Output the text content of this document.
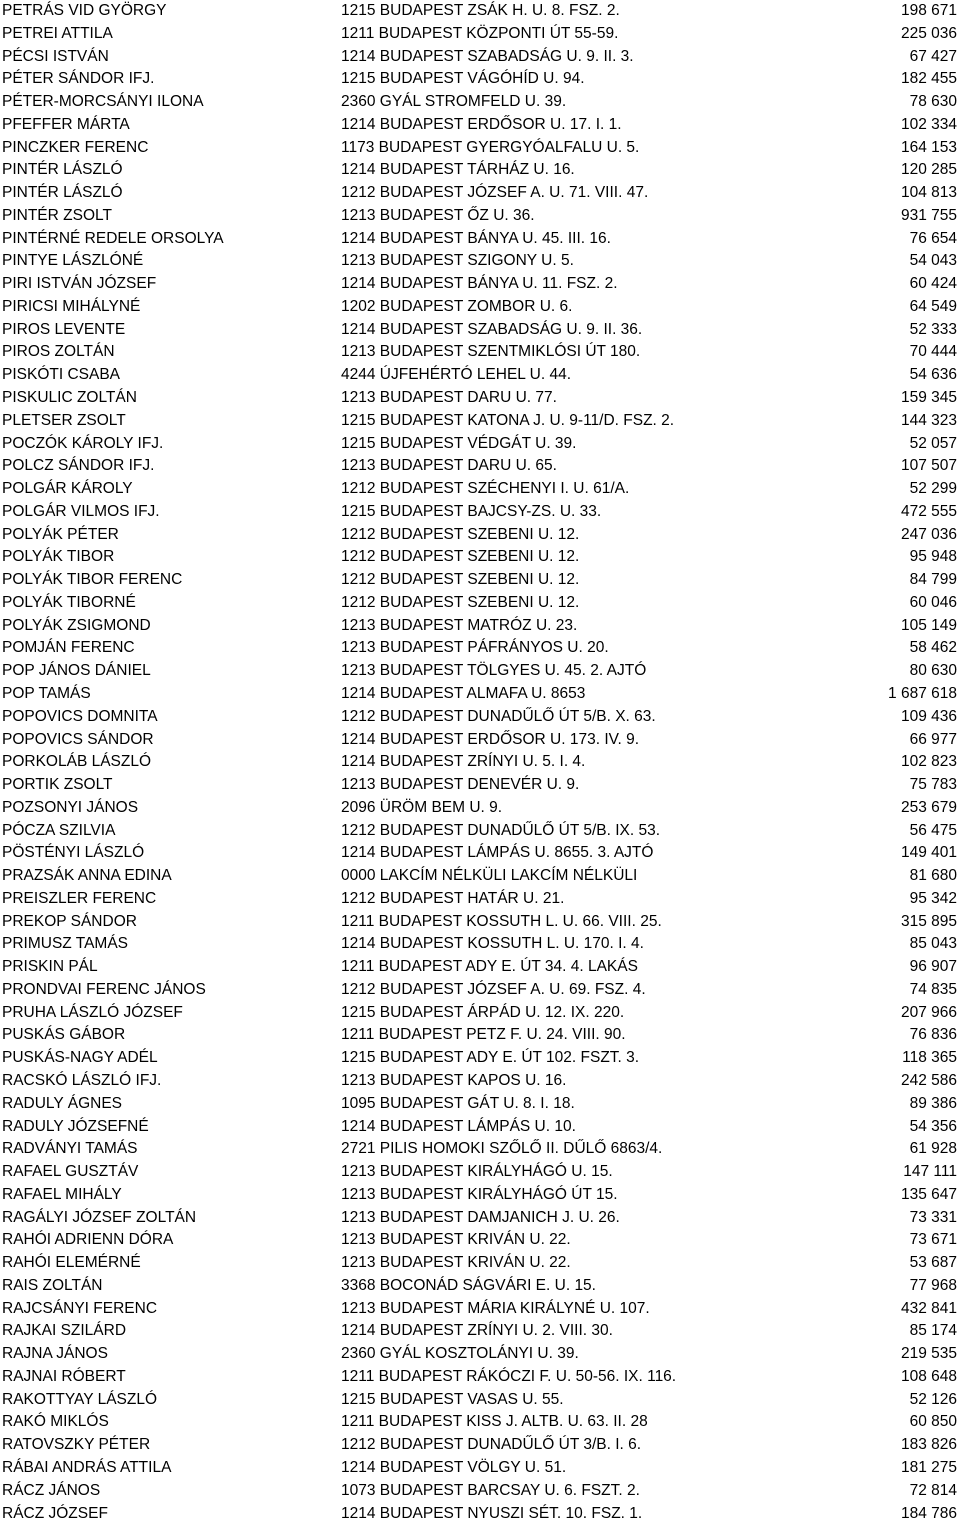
PETRÁS VID GYÖRGY	1215 BUDAPEST ZSÁK H. U. 8. FSZ. 2.	198 671
PETREI ATTILA	1211 BUDAPEST KÖZPONTI ÚT 55-59.	225 036
PÉCSI ISTVÁN	1214 BUDAPEST SZABADSÁG U. 9. II. 3.	67 427
PÉTER SÁNDOR IFJ.	1215 BUDAPEST VÁGÓHÍD U. 94.	182 455
PÉTER-MORCSÁNYI ILONA	2360 GYÁL STROMFELD U. 39.	78 630
PFEFFER MÁRTA	1214 BUDAPEST ERDŐSOR U. 17. I. 1.	102 334
PINCZKER FERENC	1173 BUDAPEST GYERGYÓALFALU U. 5.	164 153
PINTÉR LÁSZLÓ	1214 BUDAPEST TÁRHÁZ U. 16.	120 285
PINTÉR LÁSZLÓ	1212 BUDAPEST JÓZSEF A. U. 71. VIII. 47.	104 813
PINTÉR ZSOLT	1213 BUDAPEST ŐZ U. 36.	931 755
PINTÉRNÉ REDELE ORSOLYA	1214 BUDAPEST BÁNYA U. 45. III. 16.	76 654
PINTYE LÁSZLÓNÉ	1213 BUDAPEST SZIGONY U. 5.	54 043
PIRI ISTVÁN JÓZSEF	1214 BUDAPEST BÁNYA U. 11. FSZ. 2.	60 424
PIRICSI MIHÁLYNÉ	1202 BUDAPEST ZOMBOR U. 6.	64 549
PIROS LEVENTE	1214 BUDAPEST SZABADSÁG U. 9. II. 36.	52 333
PIROS ZOLTÁN	1213 BUDAPEST SZENTMIKLÓSI ÚT 180.	70 444
PISKÓTI CSABA	4244 ÚJFEHÉRTÓ LEHEL U. 44.	54 636
PISKULIC ZOLTÁN	1213 BUDAPEST DARU U. 77.	159 345
PLETSER ZSOLT	1215 BUDAPEST KATONA J. U. 9-11/D. FSZ. 2.	144 323
POCZÓK KÁROLY IFJ.	1215 BUDAPEST VÉDGÁT U. 39.	52 057
POLCZ SÁNDOR IFJ.	1213 BUDAPEST DARU U. 65.	107 507
POLGÁR KÁROLY	1212 BUDAPEST SZÉCHENYI I. U. 61/A.	52 299
POLGÁR VILMOS IFJ.	1215 BUDAPEST BAJCSY-ZS. U. 33.	472 555
POLYÁK PÉTER	1212 BUDAPEST SZEBENI U. 12.	247 036
POLYÁK TIBOR	1212 BUDAPEST SZEBENI U. 12.	95 948
POLYÁK TIBOR FERENC	1212 BUDAPEST SZEBENI U. 12.	84 799
POLYÁK TIBORNÉ	1212 BUDAPEST SZEBENI U. 12.	60 046
POLYÁK ZSIGMOND	1213 BUDAPEST MATRÓZ U. 23.	105 149
POMJÁN FERENC	1213 BUDAPEST PÁFRÁNYOS U. 20.	58 462
POP JÁNOS DÁNIEL	1213 BUDAPEST TÖLGYES U. 45. 2. AJTÓ	80 630
POP TAMÁS	1214 BUDAPEST ALMAFA U. 8653	1 687 618
POPOVICS DOMNITA	1212 BUDAPEST DUNADŰLŐ ÚT 5/B. X. 63.	109 436
POPOVICS SÁNDOR	1214 BUDAPEST ERDŐSOR U. 173. IV. 9.	66 977
PORKOLÁB LÁSZLÓ	1214 BUDAPEST ZRÍNYI U. 5. I. 4.	102 823
PORTIK ZSOLT	1213 BUDAPEST DENEVÉR U. 9.	75 783
POZSONYI JÁNOS	2096 ÜRÖM BEM U. 9.	253 679
PÓCZA SZILVIA	1212 BUDAPEST DUNADŰLŐ ÚT 5/B. IX. 53.	56 475
PÖSTÉNYI LÁSZLÓ	1214 BUDAPEST LÁMPÁS U. 8655. 3. AJTÓ	149 401
PRAZSÁK ANNA EDINA	0000 LAKCÍM NÉLKÜLI LAKCÍM NÉLKÜLI	81 680
PREISZLER FERENC	1212 BUDAPEST HATÁR U. 21.	95 342
PREKOP SÁNDOR	1211 BUDAPEST KOSSUTH L. U. 66. VIII. 25.	315 895
PRIMUSZ TAMÁS	1214 BUDAPEST KOSSUTH L. U. 170. I. 4.	85 043
PRISKIN PÁL	1211 BUDAPEST ADY E. ÚT 34. 4. LAKÁS	96 907
PRONDVAI FERENC JÁNOS	1212 BUDAPEST JÓZSEF A. U. 69. FSZ. 4.	74 835
PRUHA LÁSZLÓ JÓZSEF	1215 BUDAPEST ÁRPÁD U. 12. IX. 220.	207 966
PUSKÁS GÁBOR	1211 BUDAPEST PETZ F. U. 24. VIII. 90.	76 836
PUSKÁS-NAGY ADÉL	1215 BUDAPEST ADY E. ÚT 102. FSZT. 3.	118 365
RACSKÓ LÁSZLÓ IFJ.	1213 BUDAPEST KAPOS U. 16.	242 586
RADULY ÁGNES	1095 BUDAPEST GÁT U. 8. I. 18.	89 386
RADULY JÓZSEFNÉ	1214 BUDAPEST LÁMPÁS U. 10.	54 356
RADVÁNYI TAMÁS	2721 PILIS HOMOKI SZŐLŐ II. DŰLŐ 6863/4.	61 928
RAFAEL GUSZTÁV	1213 BUDAPEST KIRÁLYHÁGÓ U. 15.	147 111
RAFAEL MIHÁLY	1213 BUDAPEST KIRÁLYHÁGÓ ÚT 15.	135 647
RAGÁLYI JÓZSEF ZOLTÁN	1213 BUDAPEST DAMJANICH J. U. 26.	73 331
RAHÓI ADRIENN DÓRA	1213 BUDAPEST KRIVÁN U. 22.	73 671
RAHÓI ELEMÉRNÉ	1213 BUDAPEST KRIVÁN U. 22.	53 687
RAIS ZOLTÁN	3368 BOCONÁD SÁGVÁRI E. U. 15.	77 968
RAJCSÁNYI FERENC	1213 BUDAPEST MÁRIA KIRÁLYNÉ U. 107.	432 841
RAJKAI SZILÁRD	1214 BUDAPEST ZRÍNYI U. 2. VIII. 30.	85 174
RAJNA JÁNOS	2360 GYÁL KOSZTOLÁNYI U. 39.	219 535
RAJNAI RÓBERT	1211 BUDAPEST RÁKÓCZI F. U. 50-56. IX. 116.	108 648
RAKOTTYAY LÁSZLÓ	1215 BUDAPEST VASAS U. 55.	52 126
RAKÓ MIKLÓS	1211 BUDAPEST KISS J. ALTB. U. 63. II. 28	60 850
RATOVSZKY PÉTER	1212 BUDAPEST DUNADŰLŐ ÚT 3/B. I. 6.	183 826
RÁBAI ANDRÁS ATTILA	1214 BUDAPEST VÖLGY U. 51.	181 275
RÁCZ JÁNOS	1073 BUDAPEST BARCSAY U. 6. FSZT. 2.	72 814
RÁCZ JÓZSEF	1214 BUDAPEST NYUSZI SÉT. 10. FSZ. 1.	184 786
